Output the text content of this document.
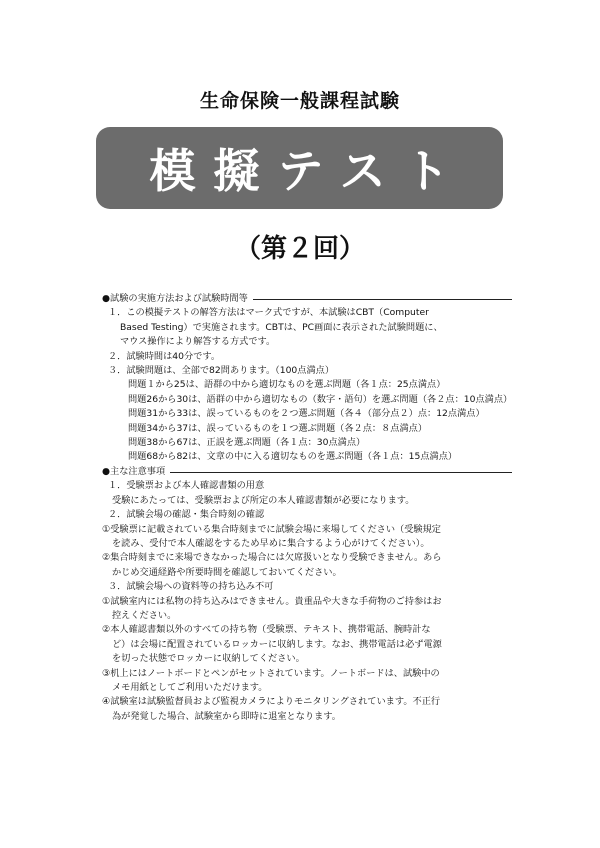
生命保険一般課程試験
模擬テスト
（第２回）
●試験の実施方法および試験時間等

１．この模擬テストの解答方法はマーク式ですが、本試験はCBT（Computer

Based Testing）で実施されます。CBTは、PC画面に表示された試験問題に、

マウス操作により解答する方式です。

２．試験時間は40分です。

３．試験問題は、全部で82問あります。（100点満点）

問題１から25は、語群の中から適切なものを選ぶ問題（各１点：25点満点）

問題26から30は、語群の中から適切なもの（数字・語句）を選ぶ問題（各２点：10点満点）

問題31から33は、誤っているものを２つ選ぶ問題（各４（部分点２）点：12点満点）

問題34から37は、誤っているものを１つ選ぶ問題（各２点：８点満点）

問題38から67は、正誤を選ぶ問題（各１点：30点満点）

問題68から82は、文章の中に入る適切なものを選ぶ問題（各１点：15点満点）

●主な注意事項

１．受験票および本人確認書類の用意

受験にあたっては、受験票および所定の本人確認書類が必要になります。

２．試験会場の確認・集合時刻の確認

①受験票に記載されている集合時刻までに試験会場に来場してください（受験規定

を読み、受付で本人確認をするため早めに集合するよう心がけてください）。

②集合時刻までに来場できなかった場合には欠席扱いとなり受験できません。あら

かじめ交通経路や所要時間を確認しておいてください。

３．試験会場への資料等の持ち込み不可

①試験室内には私物の持ち込みはできません。貴重品や大きな手荷物のご持参はお

控えください。

②本人確認書類以外のすべての持ち物（受験票、テキスト、携帯電話、腕時計な

ど）は会場に配置されているロッカーに収納します。なお、携帯電話は必ず電源

を切った状態でロッカーに収納してください。

③机上にはノートボードとペンがセットされています。ノートボードは、試験中の

メモ用紙としてご利用いただけます。

④試験室は試験監督員および監視カメラによりモニタリングされています。不正行

為が発覚した場合、試験室から即時に退室となります。
